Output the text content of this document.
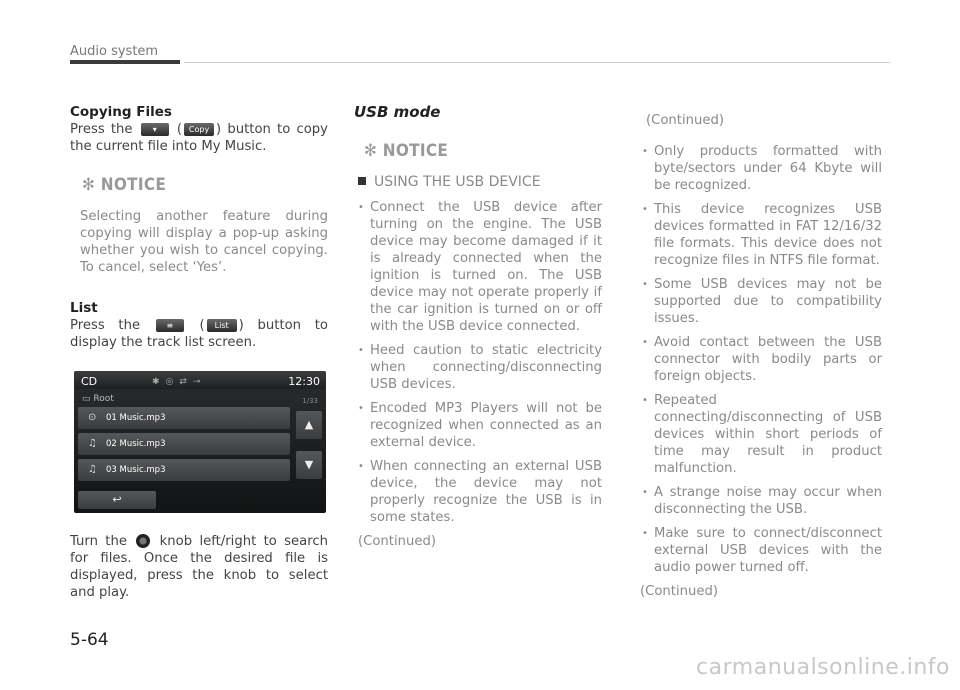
Audio system
Copying Files
Press the	▾ ( Copy ) button to copy the current file into My Music.
✻ NOTICE
Selecting another feature during copying will display a pop-up asking whether you wish to cancel copying. To cancel, select ‘Yes’.
List
Press the	≡ ( List ) button to display the track list screen.
CD	✱◎⇄⊸	12:30
▭ Root	1/33
⊙ 01 Music.mp3
♫ 02 Music.mp3
♫ 03 Music.mp3
▲
▼
↩
Turn the knob left/right to search for files. Once the desired file is displayed, press the knob to select and play.
USB mode
✻ NOTICE
USING THE USB DEVICE
• Connect the USB device after turning on the engine. The USB device may become damaged if it is already connected when the ignition is turned on. The USB device may not operate properly if the car ignition is turned on or off with the USB device connected.
• Heed caution to static electricity when connecting/disconnecting USB devices.
• Encoded MP3 Players will not be recognized when connected as an external device.
• When connecting an external USB device, the device may not properly recognize the USB is in some states.
(Continued)
(Continued)
• Only products formatted with byte/sectors under 64 Kbyte will be recognized.
• This device recognizes USB devices formatted in FAT 12/16/32 file formats. This device does not recognize files in NTFS file format.
• Some USB devices may not be supported due to compatibility issues.
• Avoid contact between the USB connector with bodily parts or foreign objects.
• Repeated connecting/disconnecting of USB devices within short periods of time may result in product malfunction.
• A strange noise may occur when disconnecting the USB.
• Make sure to connect/disconnect external USB devices with the audio power turned off.
(Continued)
5-64
carmanualsonline.info
